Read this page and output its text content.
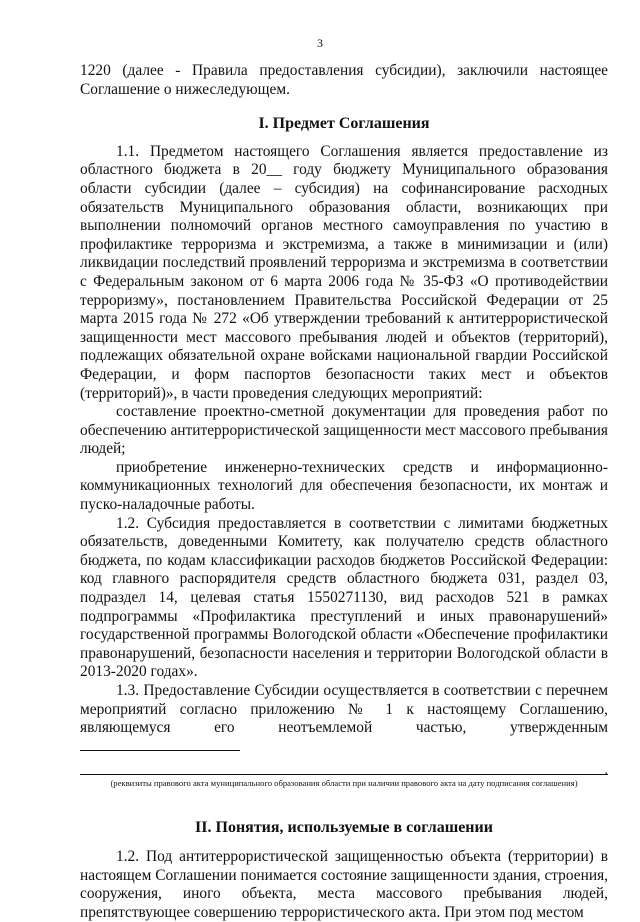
3

1220 (далее - Правила предоставления субсидии), заключили настоящее Соглашение о нижеследующем.

I. Предмет Соглашения

1.1. Предметом настоящего Соглашения является предоставление из областного бюджета в 20__ году бюджету Муниципального образования области субсидии (далее – субсидия) на софинансирование расходных обязательств Муниципального образования области, возникающих при выполнении полномочий органов местного самоуправления по участию в профилактике терроризма и экстремизма, а также в минимизации и (или) ликвидации последствий проявлений терроризма и экстремизма в соответствии с Федеральным законом от 6 марта 2006 года № 35-ФЗ «О противодействии терроризму», постановлением Правительства Российской Федерации от 25 марта 2015 года № 272 «Об утверждении требований к антитеррористической защищенности мест массового пребывания людей и объектов (территорий), подлежащих обязательной охране войсками национальной гвардии Российской Федерации, и форм паспортов безопасности таких мест и объектов (территорий)», в части проведения следующих мероприятий:

составление проектно-сметной документации для проведения работ по обеспечению антитеррористической защищенности мест массового пребывания людей;

приобретение инженерно-технических средств и информационно-коммуникационных технологий для обеспечения безопасности, их монтаж и пуско-наладочные работы.

1.2. Субсидия предоставляется в соответствии с лимитами бюджетных обязательств, доведенными Комитету, как получателю средств областного бюджета, по кодам классификации расходов бюджетов Российской Федерации: код главного распорядителя средств областного бюджета 031, раздел 03, подраздел 14, целевая статья 1550271130, вид расходов 521 в рамках подпрограммы «Профилактика преступлений и иных правонарушений» государственной программы Вологодской области «Обеспечение профилактики правонарушений, безопасности населения и территории Вологодской области в 2013-2020 годах».

1.3. Предоставление Субсидии осуществляется в соответствии с перечнем мероприятий согласно приложению № 1 к настоящему Соглашению, являющемуся его неотъемлемой частью, утвержденным

.

(реквизиты правового акта муниципального образования области при наличии правового акта на дату подписания соглашения)

II. Понятия, используемые в соглашении

1.2. Под антитеррористической защищенностью объекта (территории) в настоящем Соглашении понимается состояние защищенности здания, строения, сооружения, иного объекта, места массового пребывания людей, препятствующее совершению террористического акта. При этом под местом
